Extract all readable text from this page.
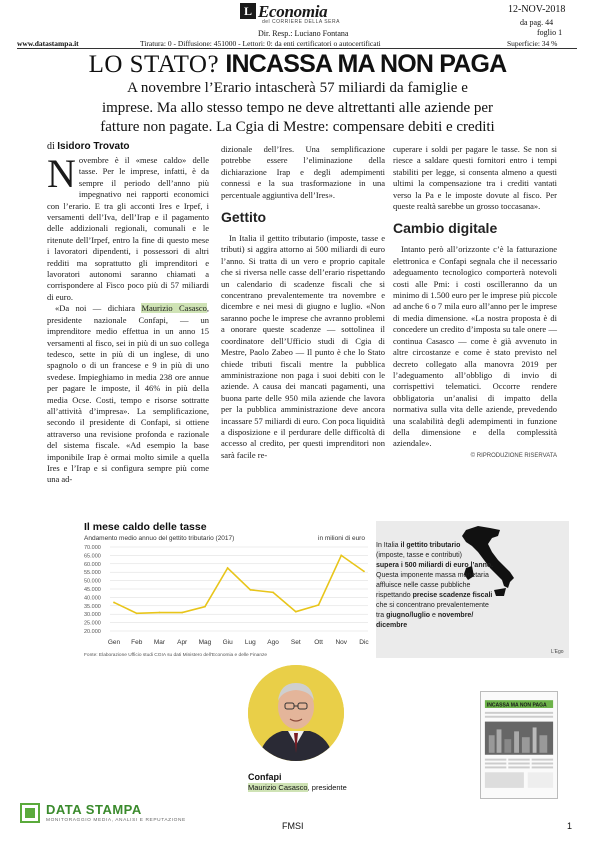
L Economia
del CORRIERE DELLA SERA
12-NOV-2018
da pag. 44
foglio 1
Dir. Resp.: Luciano Fontana
www.datastampa.it	Tiratura: 0 - Diffusione: 451000 - Lettori: 0: da enti certificatori o autocertificati	Superficie: 34 %
LO STATO? INCASSA MA NON PAGA
A novembre l’Erario intascherà 57 miliardi da famiglie e
imprese. Ma allo stesso tempo ne deve altrettanti alle aziende per
fatture non pagate. La Cgia di Mestre: compensare debiti e crediti
di Isidoro Trovato

Novembre è il «mese caldo» delle tasse. Per le imprese, infatti, è da sempre il periodo dell’anno più impegnativo nei rapporti economici con l’erario. E tra gli acconti Ires e Irpef, i versamenti dell’Iva, dell’Irap e il pagamento delle addizionali regionali, comunali e le ritenute dell’Irpef, entro la fine di questo mese i lavoratori dipendenti, i possessori di altri redditi ma soprattutto gli imprenditori e lavoratori autonomi saranno chiamati a corrispondere al Fisco poco più di 57 miliardi di euro.

«Da noi — dichiara Maurizio Casasco, presidente nazionale Confapi, — un imprenditore medio effettua in un anno 15 versamenti al fisco, sei in più di un suo collega tedesco, sette in più di un inglese, di uno spagnolo o di un francese e 9 in più di uno svedese. Impieghiamo in media 238 ore annue per pagare le imposte, il 46% in più della media Ocse. Costi, tempo e risorse sottratte all’attività d’impresa». La semplificazione, secondo il presidente di Confapi, si ottiene attraverso una revisione profonda e razionale del sistema fiscale. «Ad esempio la base imponibile Irap è ormai molto simile a quella Ires e l’Irap e si configura sempre più come una ad-

dizionale dell’Ires. Una semplificazione potrebbe essere l’eliminazione della dichiarazione Irap e degli adempimenti connessi e la sua trasformazione in una percentuale aggiuntiva dell’Ires».

Gettito

In Italia il gettito tributario (imposte, tasse e tributi) si aggira attorno ai 500 miliardi di euro l’anno. Si tratta di un vero e proprio capitale che si riversa nelle casse dell’erario rispettando un calendario di scadenze fiscali che si concentrano prevalentemente tra novembre e dicembre e nei mesi di giugno e luglio. «Non saranno poche le imprese che avranno problemi a onorare queste scadenze — sottolinea il coordinatore dell’Ufficio studi di Cgia di Mestre, Paolo Zabeo — Il punto è che lo Stato chiede tributi fiscali mentre la pubblica amministrazione non paga i suoi debiti con le aziende. A causa dei mancati pagamenti, una buona parte delle 950 mila aziende che lavora per la pubblica amministrazione deve ancora incassare 57 miliardi di euro. Con poca liquidità a disposizione e il perdurare delle difficoltà di accesso al credito, per questi imprenditori non sarà facile re-

cuperare i soldi per pagare le tasse. Se non si riesce a saldare questi fornitori entro i tempi stabiliti per legge, si consenta almeno a questi ultimi la compensazione tra i crediti vantati verso la Pa e le imposte dovute al fisco. Per queste realtà sarebbe un grosso toccasana».

Cambio digitale

Intanto però all’orizzonte c’è la fatturazione elettronica e Confapi segnala che il necessario adeguamento tecnologico comporterà notevoli costi alle Pmi: i costi oscilleranno da un minimo di 1.500 euro per le imprese più piccole ad anche 6 o 7 mila euro all’anno per le imprese di media dimensione. «La nostra proposta è di concedere un credito d’imposta su tale onere — continua Casasco — come è già avvenuto in altre circostanze e come è stato previsto nel decreto collegato alla manovra 2019 per l’adeguamento all’obbligo di invio di corrispettivi telematici. Occorre rendere obbligatoria un’analisi di impatto della normativa sulla vita delle aziende, prevedendo una scalabilità degli adempimenti in funzione della dimensione e della complessità aziendale».

© RIPRODUZIONE RISERVATA
Il mese caldo delle tasse
Andamento medio annuo del gettito tributario (2017)	in milioni di euro
70.000
65.000
60.000
55.000
50.000
45.000
40.000
35.000
30.000
25.000
20.000
Gen Feb Mar Apr Mag Giu Lug Ago Set Ott Nov Dic
Fonte: Elaborazione Ufficio studi CGIA su dati Ministero dell’Economia e delle Finanze
In Italia il gettito tributario
(imposte, tasse e contributi)
supera i 500 miliardi di euro l’anno.
Questa imponente massa monetaria
affluisce nelle casse pubbliche
rispettando precise scadenze fiscali
che si concentrano prevalentemente
tra giugno/luglio e novembre/ dicembre
L’Ego
Confapi
Maurizio Casasco, presidente
INCASSA MA NON PAGA
DATA STAMPA
MONITORAGGIO MEDIA, ANALISI E REPUTAZIONE
FMSI	1
